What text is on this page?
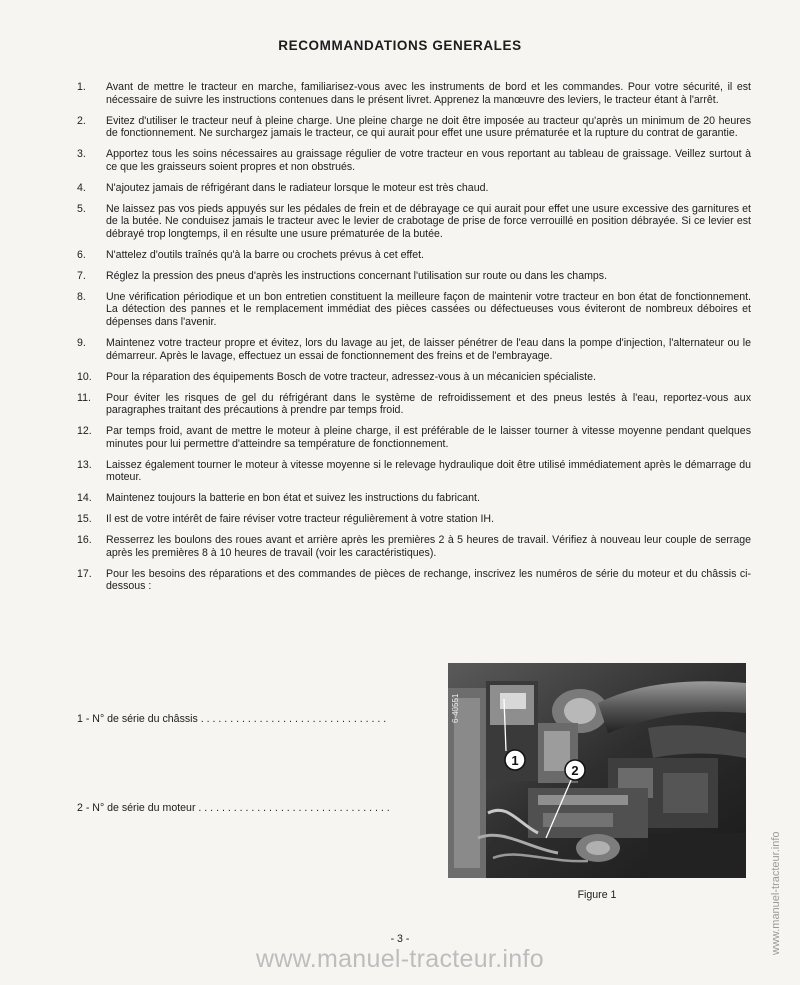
RECOMMANDATIONS GENERALES
1.	Avant de mettre le tracteur en marche, familiarisez-vous avec les instruments de bord et les commandes. Pour votre sécurité, il est nécessaire de suivre les instructions contenues dans le présent livret. Apprenez la manœuvre des leviers, le tracteur étant à l'arrêt.
2.	Evitez d'utiliser le tracteur neuf à pleine charge. Une pleine charge ne doit être imposée au tracteur qu'après un minimum de 20 heures de fonctionnement. Ne surchargez jamais le tracteur, ce qui aurait pour effet une usure prématurée et la rupture du contrat de garantie.
3.	Apportez tous les soins nécessaires au graissage régulier de votre tracteur en vous reportant au tableau de graissage. Veillez surtout à ce que les graisseurs soient propres et non obstrués.
4.	N'ajoutez jamais de réfrigérant dans le radiateur lorsque le moteur est très chaud.
5.	Ne laissez pas vos pieds appuyés sur les pédales de frein et de débrayage ce qui aurait pour effet une usure excessive des garnitures et de la butée. Ne conduisez jamais le tracteur avec le levier de crabotage de prise de force verrouillé en position débrayée. Si ce levier est débrayé trop longtemps, il en résulte une usure prématurée de la butée.
6.	N'attelez d'outils traînés qu'à la barre ou crochets prévus à cet effet.
7.	Réglez la pression des pneus d'après les instructions concernant l'utilisation sur route ou dans les champs.
8.	Une vérification périodique et un bon entretien constituent la meilleure façon de maintenir votre tracteur en bon état de fonctionnement. La détection des pannes et le remplacement immédiat des pièces cassées ou défectueuses vous éviteront de nombreux déboires et dépenses dans l'avenir.
9.	Maintenez votre tracteur propre et évitez, lors du lavage au jet, de laisser pénétrer de l'eau dans la pompe d'injection, l'alternateur ou le démarreur. Après le lavage, effectuez un essai de fonctionnement des freins et de l'embrayage.
10.	Pour la réparation des équipements Bosch de votre tracteur, adressez-vous à un mécanicien spécialiste.
11.	Pour éviter les risques de gel du réfrigérant dans le système de refroidissement et des pneus lestés à l'eau, reportez-vous aux paragraphes traitant des précautions à prendre par temps froid.
12.	Par temps froid, avant de mettre le moteur à pleine charge, il est préférable de le laisser tourner à vitesse moyenne pendant quelques minutes pour lui permettre d'atteindre sa température de fonctionnement.
13.	Laissez également tourner le moteur à vitesse moyenne si le relevage hydraulique doit être utilisé immédiatement après le démarrage du moteur.
14.	Maintenez toujours la batterie en bon état et suivez les instructions du fabricant.
15.	Il est de votre intérêt de faire réviser votre tracteur régulièrement à votre station IH.
16.	Resserrez les boulons des roues avant et arrière après les premières 2 à 5 heures de travail. Vérifiez à nouveau leur couple de serrage après les premières 8 à 10 heures de travail (voir les caractéristiques).
17.	Pour les besoins des réparations et des commandes de pièces de rechange, inscrivez les numéros de série du moteur et du châssis ci-dessous :
1 - N° de série du châssis . . . . . . . . . . . . . . . . . . . . . . . . . . . . . . . .
2 - N° de série du moteur . . . . . . . . . . . . . . . . . . . . . . . . . . . . . . . . .
1
2
6-40551
Figure 1
- 3 -
www.manuel-tracteur.info
www.manuel-tracteur.info
